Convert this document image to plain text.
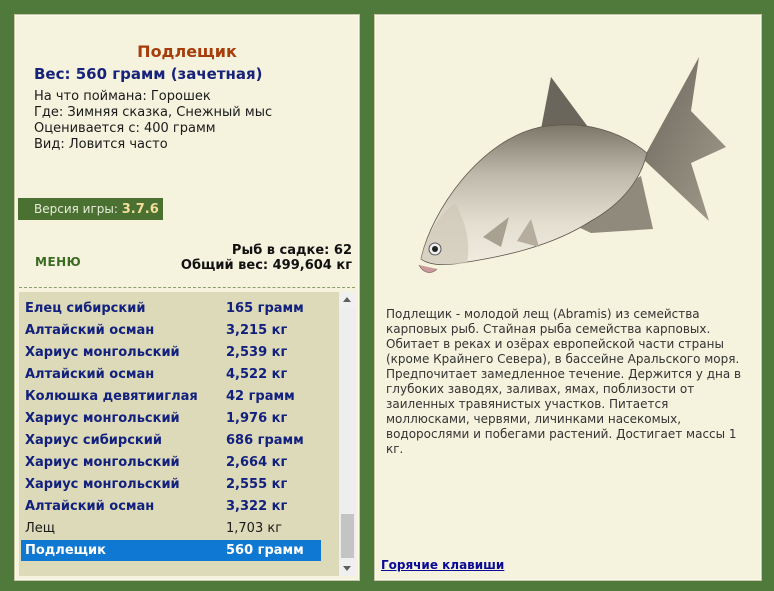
Подлещик
Вес: 560 грамм (зачетная)
На что поймана: Горошек
Где: Зимняя сказка, Снежный мыс
Оценивается с: 400 грамм
Вид: Ловится часто
Версия игры: 3.7.6
МЕНЮ
Рыб в садке: 62
Общий вес: 499,604 кг
Елец сибирский	165 грамм
Алтайский осман	3,215 кг
Хариус монгольский	2,539 кг
Алтайский осман	4,522 кг
Колюшка девятииглая 42 грамм
Хариус монгольский	1,976 кг
Хариус сибирский	686 грамм
Хариус монгольский	2,664 кг
Хариус монгольский	2,555 кг
Алтайский осман	3,322 кг
Лещ	1,703 кг
Подлещик	560 грамм
Подлещик - молодой лещ (Abramis) из семейства карповых рыб. Стайная рыба семейства карповых. Обитает в реках и озёрах европейской части страны (кроме Крайнего Севера), в бассейне Аральского моря. Предпочитает замедленное течение. Держится у дна в глубоких заводях, заливах, ямах, поблизости от заиленных травянистых участков. Питается моллюсками, червями, личинками насекомых, водорослями и побегами растений. Достигает массы 1 кг.
Горячие клавиши
